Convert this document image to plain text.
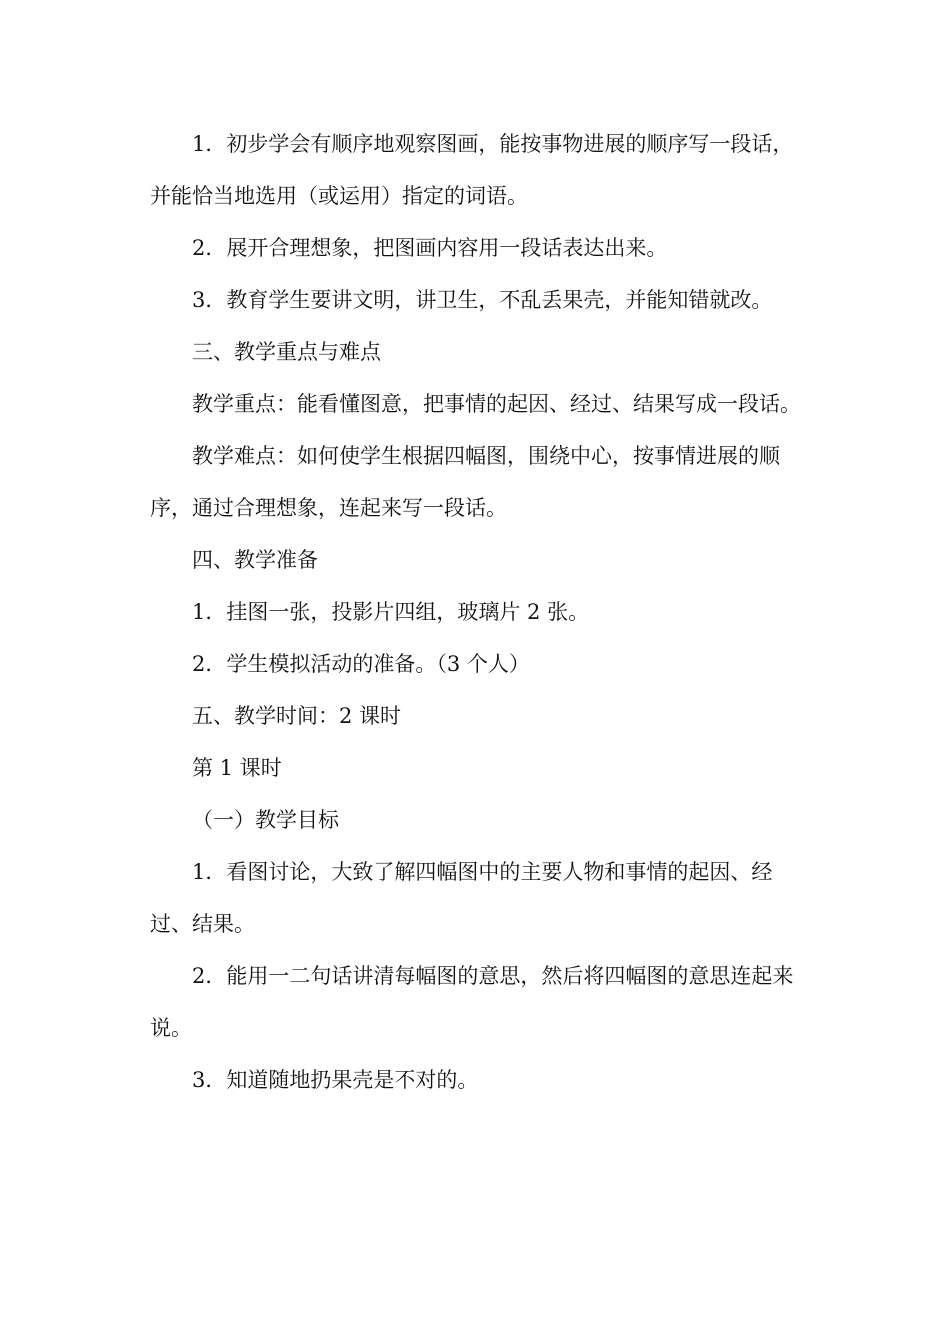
1．初步学会有顺序地观察图画，能按事物进展的顺序写一段话，并能恰当地选用（或运用）指定的词语。

2．展开合理想象，把图画内容用一段话表达出来。

3．教育学生要讲文明，讲卫生，不乱丢果壳，并能知错就改。

三、教学重点与难点

教学重点：能看懂图意，把事情的起因、经过、结果写成一段话。

教学难点：如何使学生根据四幅图，围绕中心，按事情进展的顺序，通过合理想象，连起来写一段话。

四、教学准备

1．挂图一张，投影片四组，玻璃片 2 张。

2．学生模拟活动的准备。（3 个人）

五、教学时间：2 课时

第 1 课时

（一）教学目标

1．看图讨论，大致了解四幅图中的主要人物和事情的起因、经过、结果。

2．能用一二句话讲清每幅图的意思，然后将四幅图的意思连起来说。

3．知道随地扔果壳是不对的。
